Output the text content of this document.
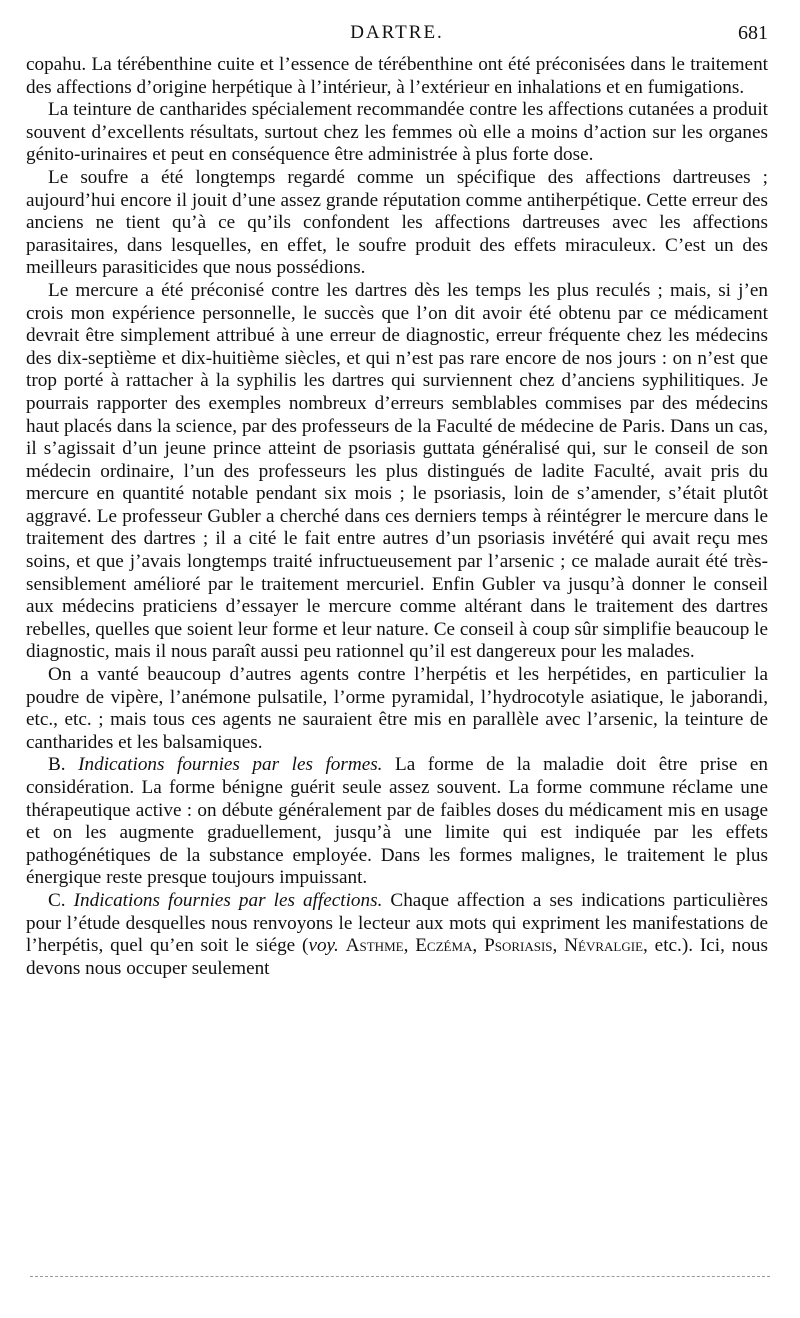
DARTRE.	681

copahu. La térébenthine cuite et l’essence de térébenthine ont été préconisées dans le traitement des affections d’origine herpétique à l’intérieur, à l’extérieur en inhalations et en fumigations.

La teinture de cantharides spécialement recommandée contre les affections cutanées a produit souvent d’excellents résultats, surtout chez les femmes où elle a moins d’action sur les organes génito-urinaires et peut en conséquence être administrée à plus forte dose.

Le soufre a été longtemps regardé comme un spécifique des affections dartreuses ; aujourd’hui encore il jouit d’une assez grande réputation comme antiherpétique. Cette erreur des anciens ne tient qu’à ce qu’ils confondent les affections dartreuses avec les affections parasitaires, dans lesquelles, en effet, le soufre produit des effets miraculeux. C’est un des meilleurs parasiticides que nous possédions.

Le mercure a été préconisé contre les dartres dès les temps les plus reculés ; mais, si j’en crois mon expérience personnelle, le succès que l’on dit avoir été obtenu par ce médicament devrait être simplement attribué à une erreur de diagnostic, erreur fréquente chez les médecins des dix-septième et dix-huitième siècles, et qui n’est pas rare encore de nos jours : on n’est que trop porté à rattacher à la syphilis les dartres qui surviennent chez d’anciens syphilitiques. Je pourrais rapporter des exemples nombreux d’erreurs semblables commises par des médecins haut placés dans la science, par des professeurs de la Faculté de médecine de Paris. Dans un cas, il s’agissait d’un jeune prince atteint de psoriasis guttata généralisé qui, sur le conseil de son médecin ordinaire, l’un des professeurs les plus distingués de ladite Faculté, avait pris du mercure en quantité notable pendant six mois ; le psoriasis, loin de s’amender, s’était plutôt aggravé. Le professeur Gubler a cherché dans ces derniers temps à réintégrer le mercure dans le traitement des dartres ; il a cité le fait entre autres d’un psoriasis invétéré qui avait reçu mes soins, et que j’avais longtemps traité infructueusement par l’arsenic ; ce malade aurait été très-sensiblement amélioré par le traitement mercuriel. Enfin Gubler va jusqu’à donner le conseil aux médecins praticiens d’essayer le mercure comme altérant dans le traitement des dartres rebelles, quelles que soient leur forme et leur nature. Ce conseil à coup sûr simplifie beaucoup le diagnostic, mais il nous paraît aussi peu rationnel qu’il est dangereux pour les malades.

On a vanté beaucoup d’autres agents contre l’herpétis et les herpétides, en particulier la poudre de vipère, l’anémone pulsatile, l’orme pyramidal, l’hydrocotyle asiatique, le jaborandi, etc., etc. ; mais tous ces agents ne sauraient être mis en parallèle avec l’arsenic, la teinture de cantharides et les balsamiques.

B. Indications fournies par les formes. La forme de la maladie doit être prise en considération. La forme bénigne guérit seule assez souvent. La forme commune réclame une thérapeutique active : on débute généralement par de faibles doses du médicament mis en usage et on les augmente graduellement, jusqu’à une limite qui est indiquée par les effets pathogénétiques de la substance employée. Dans les formes malignes, le traitement le plus énergique reste presque toujours impuissant.

C. Indications fournies par les affections. Chaque affection a ses indications particulières pour l’étude desquelles nous renvoyons le lecteur aux mots qui expriment les manifestations de l’herpétis, quel qu’en soit le siége (voy. Asthme, Eczéma, Psoriasis, Névralgie, etc.). Ici, nous devons nous occuper seulement
